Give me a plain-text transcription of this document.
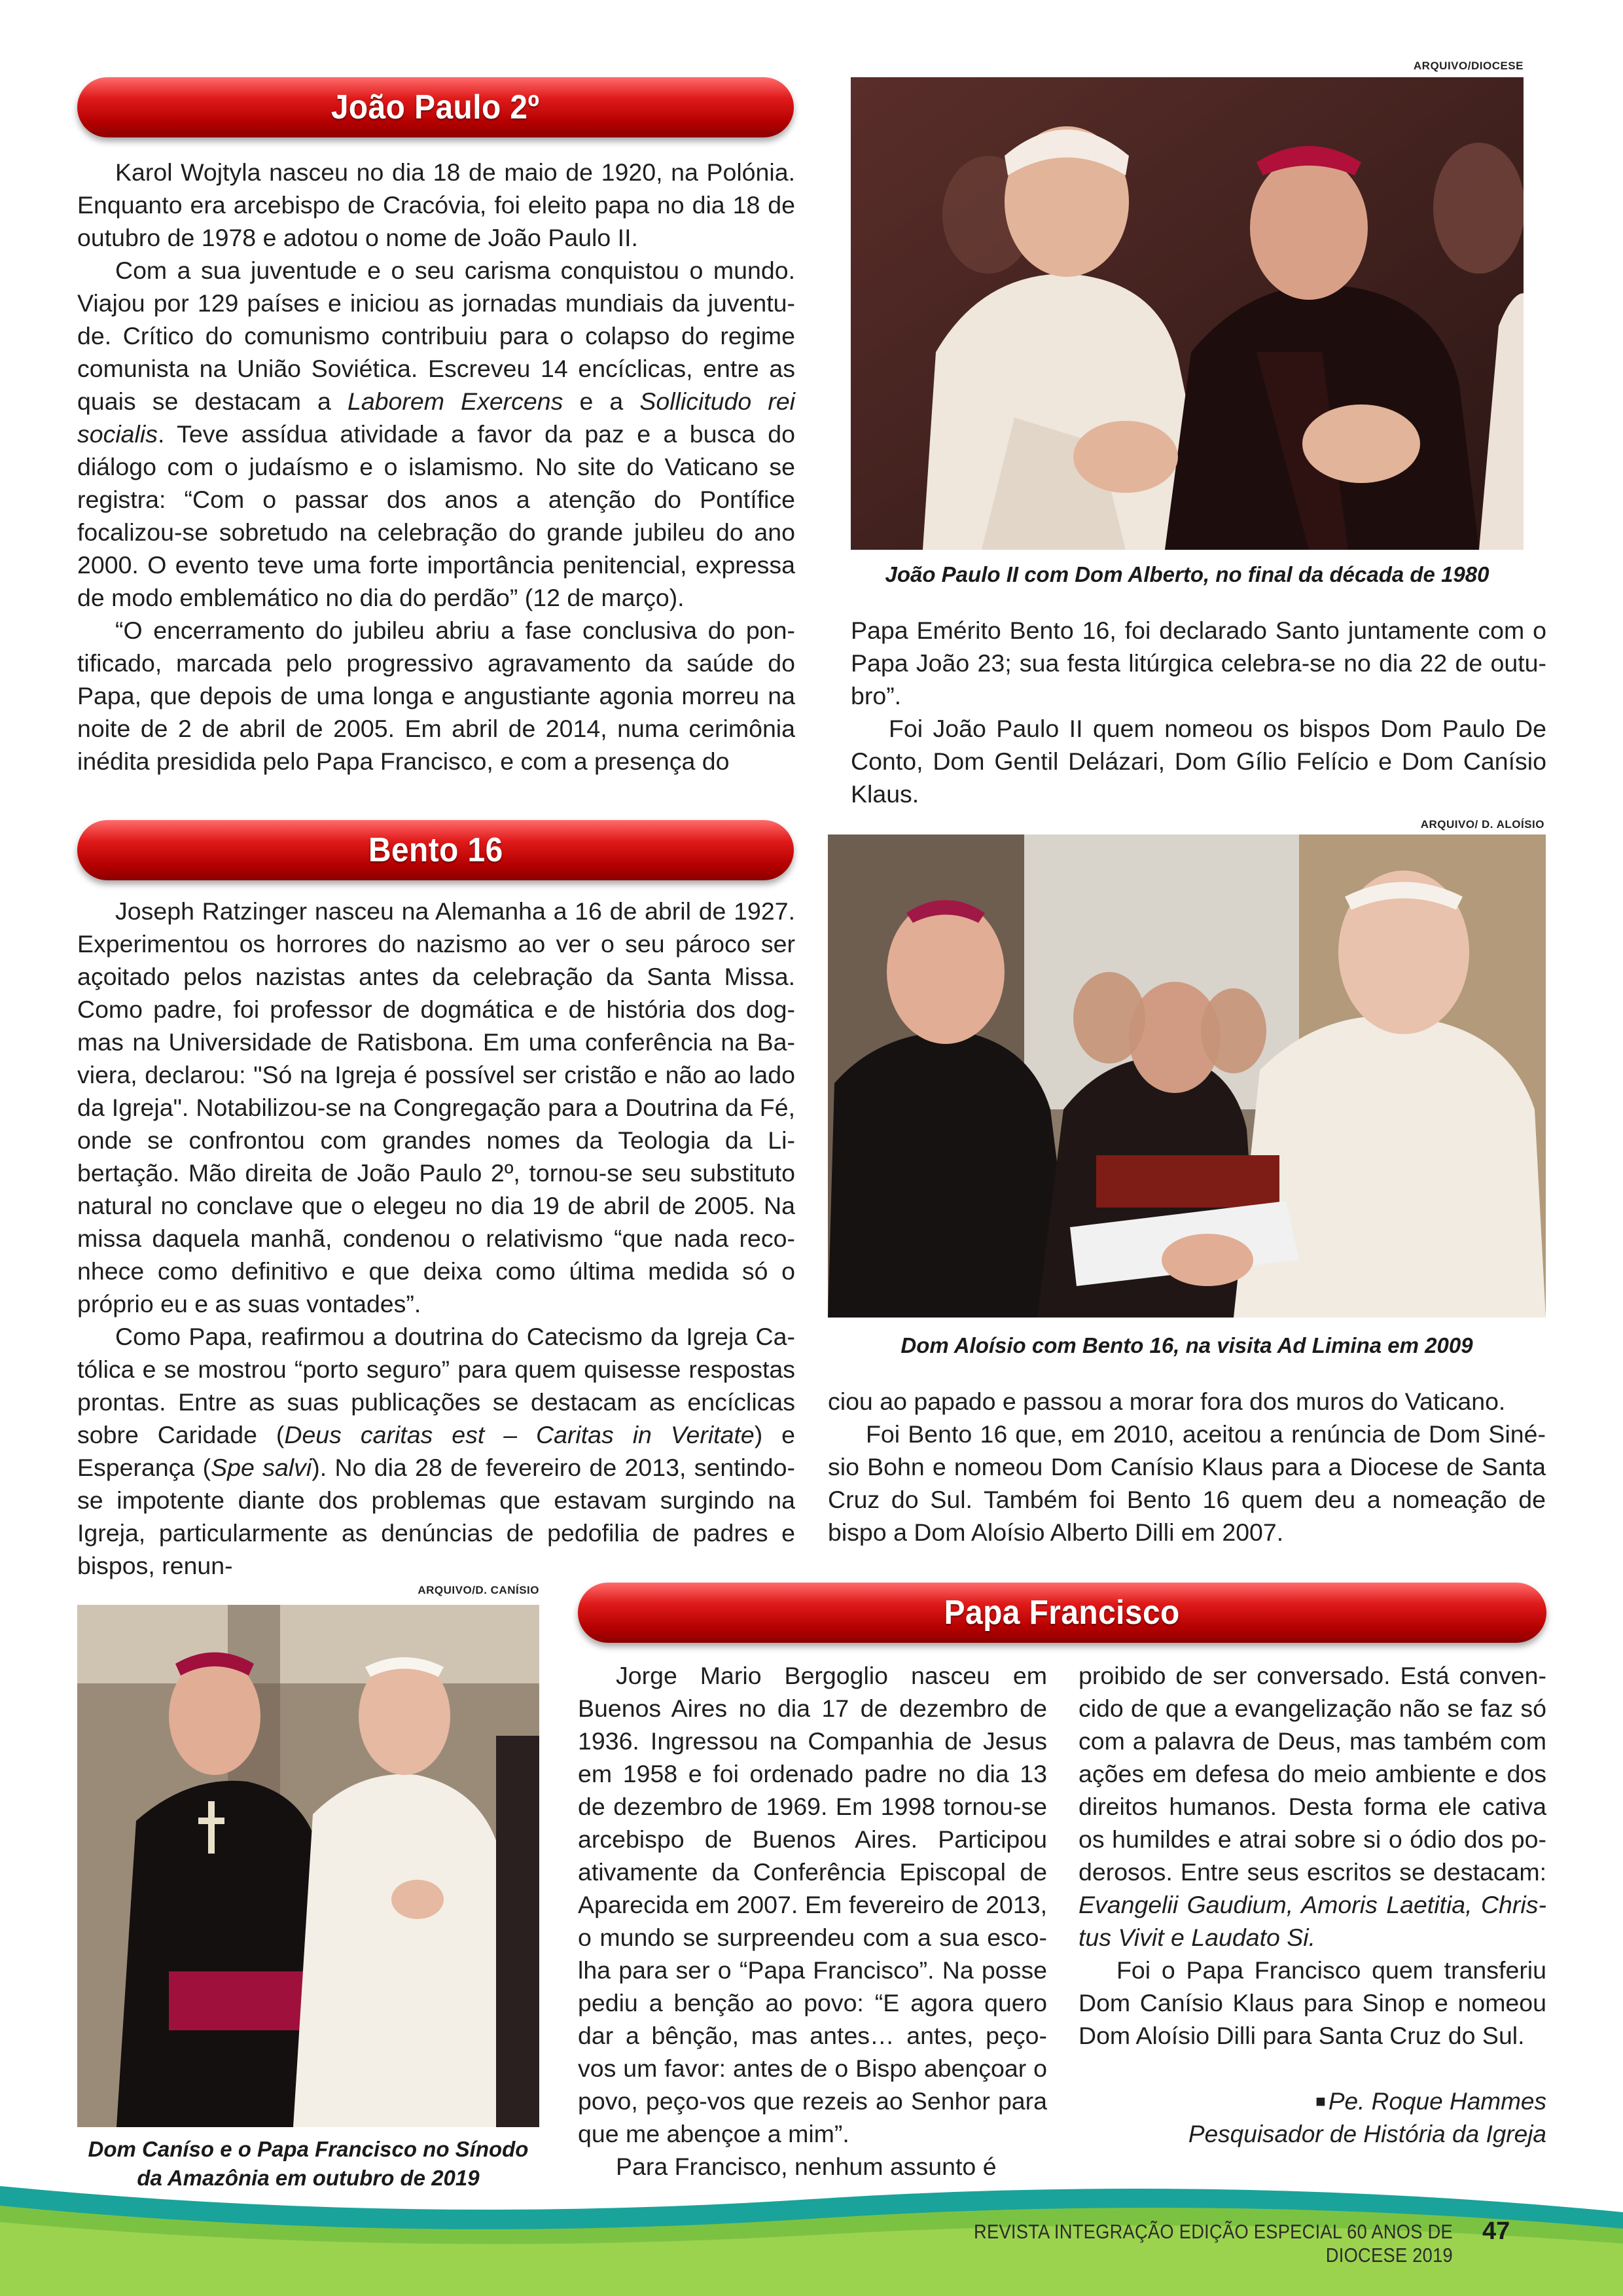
João Paulo 2º
ARQUIVO/DIOCESE
João Paulo II com Dom Alberto, no final da década de 1980

Karol Wojtyla nasceu no dia 18 de maio de 1920, na Polónia. Enquanto era arcebispo de Cracóvia, foi eleito papa no dia 18 de outubro de 1978 e adotou o nome de João Paulo II.

Com a sua juventude e o seu carisma conquistou o mundo. Viajou por 129 países e iniciou as jornadas mundiais da juventude. Crítico do comunismo contribuiu para o colapso do regime comunista na União Soviética. Escreveu 14 encíclicas, entre as quais se destacam a Laborem Exercens e a Sollicitudo rei socialis. Teve assídua atividade a favor da paz e a busca do diálogo com o judaísmo e o islamismo. No site do Vaticano se registra: “Com o passar dos anos a atenção do Pontífice focalizou-se sobretudo na celebração do grande jubileu do ano 2000. O evento teve uma forte importância penitencial, expressa de modo emblemático no dia do perdão” (12 de março).

“O encerramento do jubileu abriu a fase conclusiva do pontificado, marcada pelo progressivo agravamento da saúde do Papa, que depois de uma longa e angustiante agonia morreu na noite de 2 de abril de 2005. Em abril de 2014, numa cerimônia inédita presidida pelo Papa Francisco, e com a presença do

Papa Emérito Bento 16, foi declarado Santo juntamente com o Papa João 23; sua festa litúrgica celebra-se no dia 22 de outubro”.

Foi João Paulo II quem nomeou os bispos Dom Paulo De Conto, Dom Gentil Delázari, Dom Gílio Felício e Dom Canísio Klaus.

Bento 16
ARQUIVO/ D. ALOÍSIO
Dom Aloísio com Bento 16, na visita Ad Limina em 2009

Joseph Ratzinger nasceu na Alemanha a 16 de abril de 1927. Experimentou os horrores do nazismo ao ver o seu pároco ser açoitado pelos nazistas antes da celebração da Santa Missa. Como padre, foi professor de dogmática e de história dos dogmas na Universidade de Ratisbona. Em uma conferência na Baviera, declarou: "Só na Igreja é possível ser cristão e não ao lado da Igreja". Notabilizou-se na Congregação para a Doutrina da Fé, onde se confrontou com grandes nomes da Teologia da Libertação. Mão direita de João Paulo 2º, tornou-se seu substituto natural no conclave que o elegeu no dia 19 de abril de 2005. Na missa daquela manhã, condenou o relativismo “que nada reconhece como definitivo e que deixa como última medida só o próprio eu e as suas vontades”.

Como Papa, reafirmou a doutrina do Catecismo da Igreja Católica e se mostrou “porto seguro” para quem quisesse respostas prontas. Entre as suas publicações se destacam as encíclicas sobre Caridade (Deus caritas est – Caritas in Veritate) e Esperança (Spe salvi). No dia 28 de fevereiro de 2013, sentindo-se impotente diante dos problemas que estavam surgindo na Igreja, particularmente as denúncias de pedofilia de padres e bispos, renun-

ciou ao papado e passou a morar fora dos muros do Vaticano.

Foi Bento 16 que, em 2010, aceitou a renúncia de Dom Sinésio Bohn e nomeou Dom Canísio Klaus para a Diocese de Santa Cruz do Sul. Também foi Bento 16 quem deu a nomeação de bispo a Dom Aloísio Alberto Dilli em 2007.

ARQUIVO/D. CANÍSIO
Dom Caníso e o Papa Francisco no Sínodo
da Amazônia em outubro de 2019
Papa Francisco

Jorge Mario Bergoglio nasceu em Buenos Aires no dia 17 de dezembro de 1936. Ingressou na Companhia de Jesus em 1958 e foi ordenado padre no dia 13 de dezembro de 1969. Em 1998 tornou-se arcebispo de Buenos Aires. Participou ativamente da Conferência Episcopal de Aparecida em 2007. Em fevereiro de 2013, o mundo se surpreendeu com a sua escolha para ser o “Papa Francisco”. Na posse pediu a benção ao povo: “E agora quero dar a bênção, mas antes… antes, peço-vos um favor: antes de o Bispo abençoar o povo, peço-vos que rezeis ao Senhor para que me abençoe a mim”.

Para Francisco, nenhum assunto é

proibido de ser conversado. Está convencido de que a evangelização não se faz só com a palavra de Deus, mas também com ações em defesa do meio ambiente e dos direitos humanos. Desta forma ele cativa os humildes e atrai sobre si o ódio dos poderosos. Entre seus escritos se destacam: Evangelii Gaudium, Amoris Laetitia, Christus Vivit e Laudato Si.

Foi o Papa Francisco quem transferiu Dom Canísio Klaus para Sinop e nomeou Dom Aloísio Dilli para Santa Cruz do Sul.

■ Pe. Roque Hammes
Pesquisador de História da Igreja
REVISTA INTEGRAÇÃO EDIÇÃO ESPECIAL 60 ANOS DE DIOCESE 2019
47
